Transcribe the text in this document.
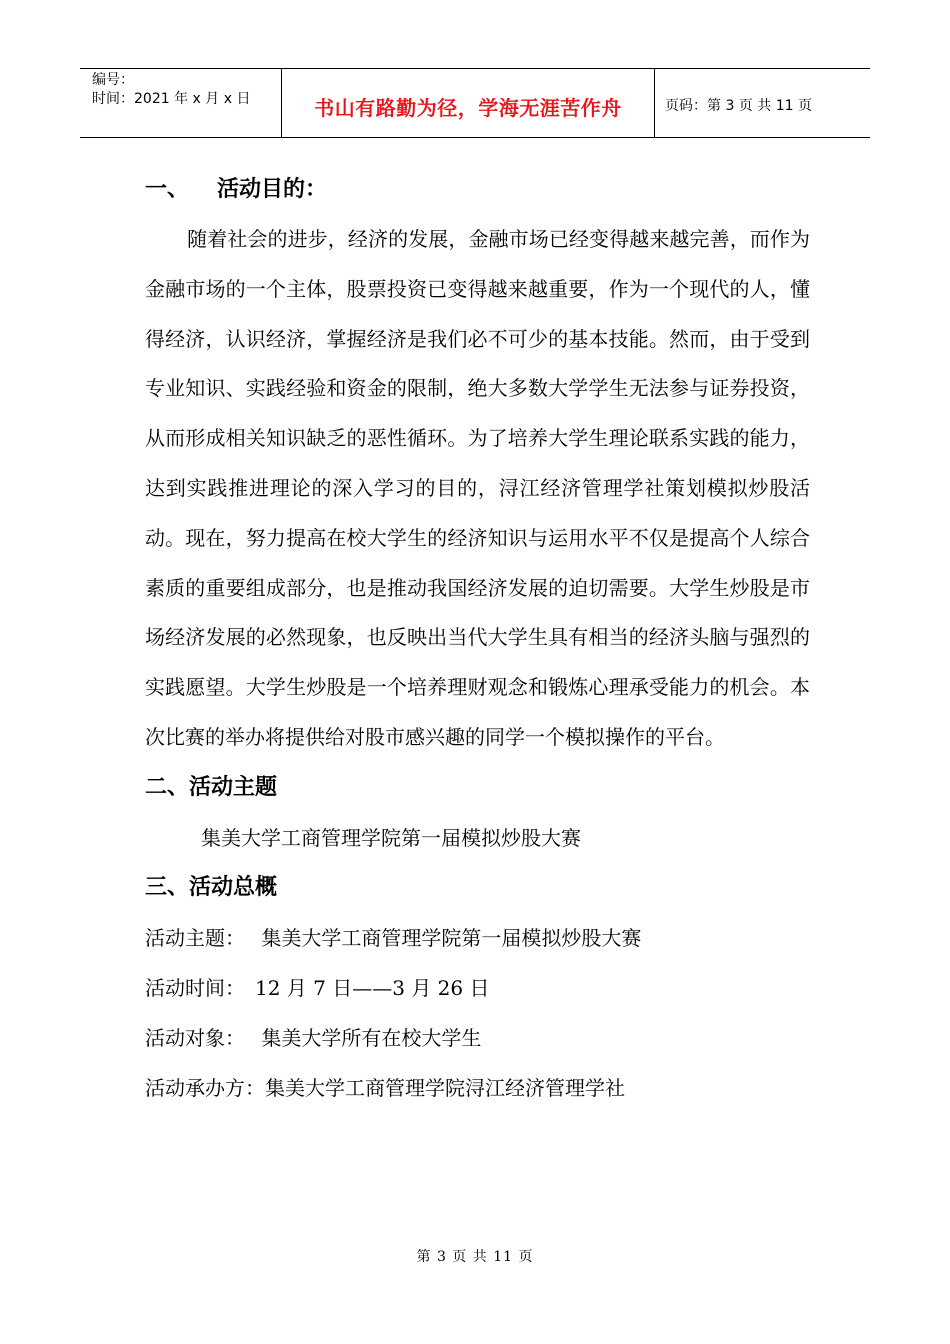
编号：
时间：2021 年 x 月 x 日	书山有路勤为径，学海无涯苦作舟	页码：第 3 页 共 11 页
一、 活动目的：

随着社会的进步，经济的发展，金融市场已经变得越来越完善，而作为金融市场的一个主体，股票投资已变得越来越重要，作为一个现代的人，懂得经济，认识经济，掌握经济是我们必不可少的基本技能。然而，由于受到专业知识、实践经验和资金的限制，绝大多数大学学生无法参与证券投资，从而形成相关知识缺乏的恶性循环。为了培养大学生理论联系实践的能力，达到实践推进理论的深入学习的目的，浔江经济管理学社策划模拟炒股活动。现在，努力提高在校大学生的经济知识与运用水平不仅是提高个人综合素质的重要组成部分，也是推动我国经济发展的迫切需要。大学生炒股是市场经济发展的必然现象，也反映出当代大学生具有相当的经济头脑与强烈的实践愿望。大学生炒股是一个培养理财观念和锻炼心理承受能力的机会。本次比赛的举办将提供给对股市感兴趣的同学一个模拟操作的平台。

二、活动主题

集美大学工商管理学院第一届模拟炒股大赛

三、活动总概

活动主题：　 集美大学工商管理学院第一届模拟炒股大赛

活动时间：　12 月 7 日——3 月 26 日

活动对象：　 集美大学所有在校大学生

活动承办方：集美大学工商管理学院浔江经济管理学社

第 3 页 共 11 页
